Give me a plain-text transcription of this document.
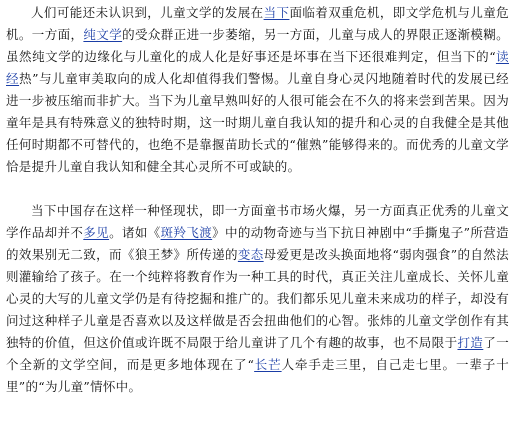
人们可能还未认识到，儿童文学的发展在当下面临着双重危机，即文学危机与儿童危机。一方面，纯文学的受众群正进一步萎缩，另一方面，儿童与成人的界限正逐渐模糊。虽然纯文学的边缘化与儿童化的成人化是好事还是坏事在当下还很难判定，但当下的“读经热”与儿童审美取向的成人化却值得我们警惕。儿童自身心灵闪地随着时代的发展已经进一步被压缩而非扩大。当下为儿童早熟叫好的人很可能会在不久的将来尝到苦果。因为童年是具有特殊意义的独特时期，这一时期儿童自我认知的提升和心灵的自我健全是其他任何时期都不可替代的，也绝不是靠揠苗助长式的“催熟”能够得来的。而优秀的儿童文学恰是提升儿童自我认知和健全其心灵所不可或缺的。

当下中国存在这样一种怪现状，即一方面童书市场火爆，另一方面真正优秀的儿童文学作品却并不多见。诸如《斑羚飞渡》中的动物奇迹与当下抗日神剧中“手撕鬼子”所营造的效果别无二致，而《狼王梦》所传递的变态母爱更是改头换面地将“弱肉强食”的自然法则灌输给了孩子。在一个纯粹将教育作为一种工具的时代，真正关注儿童成长、关怀儿童心灵的大写的儿童文学仍是有待挖掘和推广的。我们都乐见儿童未来成功的样子，却没有问过这种样子儿童是否喜欢以及这样做是否会扭曲他们的心智。张炜的儿童文学创作有其独特的价值，但这价值或许既不局限于给儿童讲了几个有趣的故事，也不局限于打造了一个全新的文学空间，而是更多地体现在了“长芒人牵手走三里，自己走七里。一辈子十里”的“为儿童”情怀中。
